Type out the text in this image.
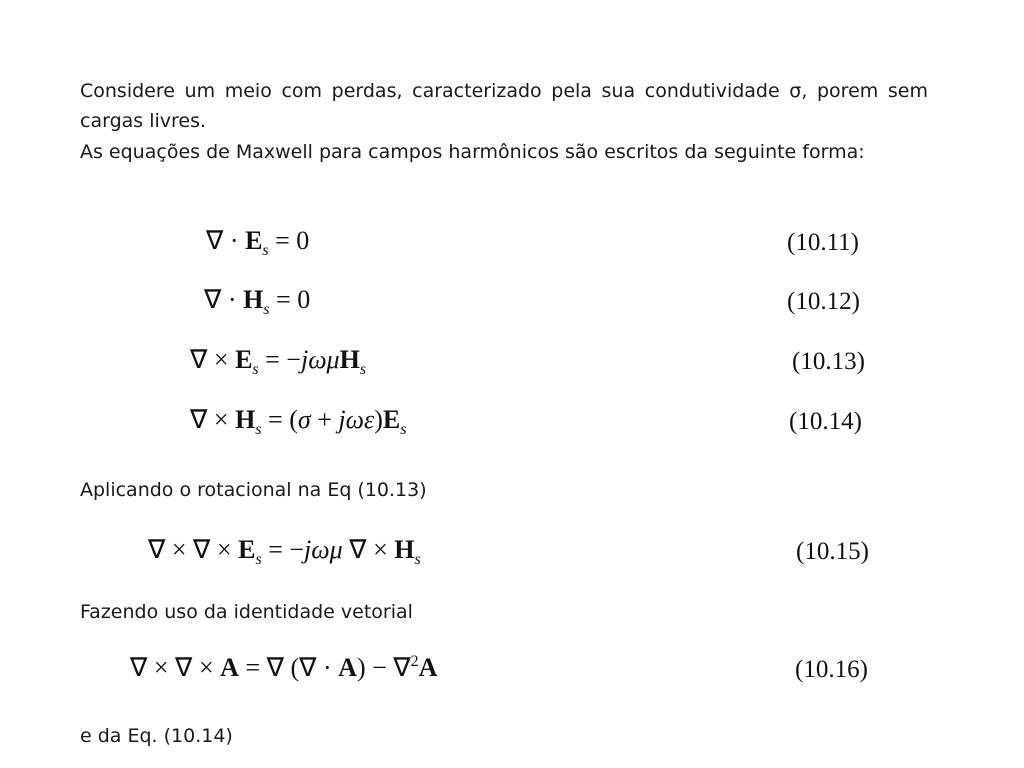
Considere um meio com perdas, caracterizado pela sua condutividade σ, porem sem cargas livres.
As equações de Maxwell para campos harmônicos são escritos da seguinte forma:
∇ · $E_s = 0$	(10.11)
∇ · $H_s = 0$	(10.12)
∇ × $E_s = -j\omega\mu H_s$	(10.13)
∇ × $H_s = (\sigma + j\omega\varepsilon)E_s$	(10.14)
Aplicando o rotacional na Eq (10.13)
∇ × ∇ × $E_s = -j\omega\mu$ ∇ × $H_s$	(10.15)
Fazendo uso da identidade vetorial
∇ × ∇ × A = ∇ (∇ · A) − ∇$^2$A	(10.16)
e da Eq. (10.14)
